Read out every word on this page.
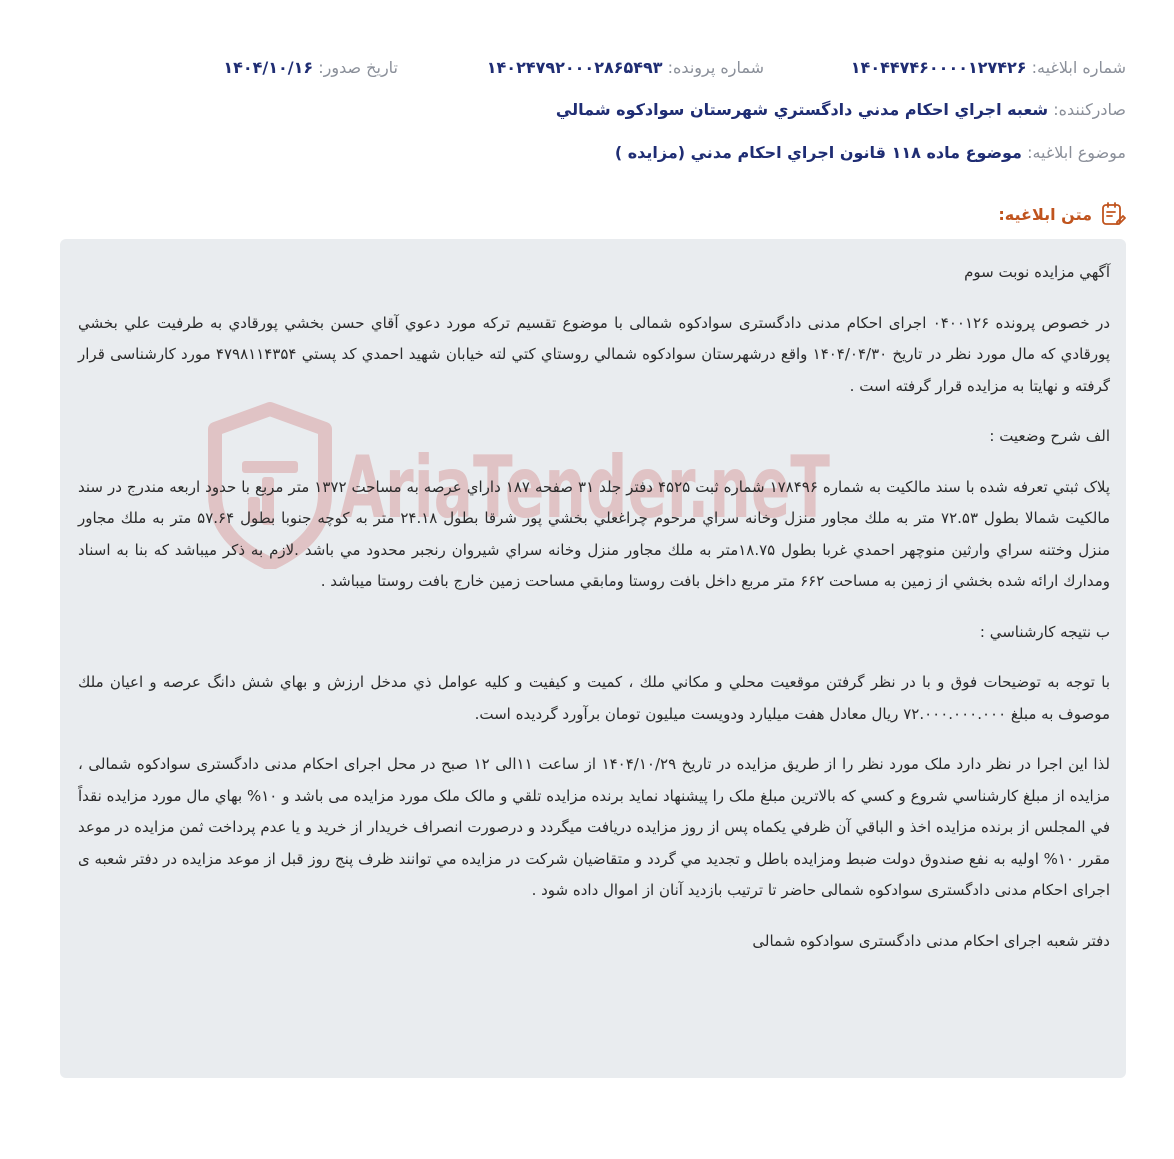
شماره ابلاغيه: ۱۴۰۴۴۷۴۶۰۰۰۰۱۲۷۴۲۶
شماره پرونده: ۱۴۰۲۴۷۹۲۰۰۰۲۸۶۵۴۹۳
تاريخ صدور: ۱۴۰۴/۱۰/۱۶
صادرکننده: شعبه اجراي احکام مدني دادگستري شهرستان سوادکوه شمالي
موضوع ابلاغيه: موضوع ماده ۱۱۸ قانون اجراي احکام مدني (مزايده )
متن ابلاغيه:
AriaTender.neT

آگهي مزايده نوبت سوم

در خصوص پرونده ۰۴۰۰۱۲۶ اجرای احکام مدنی دادگستری سوادکوه شمالی با موضوع تقسيم ترکه مورد دعوي آقاي حسن بخشي پورقادي به طرفيت علي بخشي پورقادي که مال مورد نظر در تاريخ ۱۴۰۴/۰۴/۳۰ واقع درشهرستان سوادکوه شمالي روستاي کتي لته خيابان شهيد احمدي کد پستي ۴۷۹۸۱۱۴۳۵۴ مورد کارشناسی قرار گرفته و نهايتا به مزايده قرار گرفته است .

الف شرح وضعيت :

پلاک ثبتي تعرفه شده با سند مالکيت به شماره ۱۷۸۴۹۶ شماره ثبت ۴۵۲۵ دفتر جلد ۳۱ صفحه ۱۸۷ داراي عرصه به مساحت ۱۳۷۲ متر مربع با حدود اربعه مندرج در سند مالکيت شمالا بطول ۷۲.۵۳ متر به ملك مجاور منزل وخانه سراي مرحوم چراغعلي بخشي پور شرقا بطول ۲۴.۱۸ متر به کوچه جنوبا بطول ۵۷.۶۴ متر به ملك مجاور منزل وختنه سراي وارثين منوچهر احمدي غربا بطول ۱۸.۷۵متر به ملك مجاور منزل وخانه سراي شيروان رنجبر محدود مي باشد .لازم به ذکر ميباشد که بنا به اسناد ومدارك ارائه شده بخشي از زمين به مساحت ۶۶۲ متر مربع داخل بافت روستا ومابقي مساحت زمين خارج بافت روستا ميباشد .

ب نتيجه کارشناسي :

با توجه به توضيحات فوق و با در نظر گرفتن موقعيت محلي و مکاني ملك ، کميت و کيفيت و کليه عوامل ذي مدخل ارزش و بهاي شش دانگ عرصه و اعيان ملك موصوف به مبلغ ۷۲.۰۰۰.۰۰۰.۰۰۰ ريال معادل هفت ميليارد ودويست ميليون تومان برآورد گرديده است.

لذا اين اجرا در نظر دارد ملک مورد نظر را از طريق مزايده در تاريخ ۱۴۰۴/۱۰/۲۹ از ساعت ۱۱الی ۱۲ صبح در محل اجرای احکام مدنی دادگستری سوادکوه شمالی ، مزايده از مبلغ کارشناسي شروع و کسي که بالاترين مبلغ ملک را پيشنهاد نمايد برنده مزايده تلقي و مالک ملک مورد مزايده می باشد و ۱۰% بهاي مال مورد مزايده نقداً في المجلس از برنده مزايده اخذ و الباقي آن ظرفي يکماه پس از روز مزايده دريافت ميگردد و درصورت انصراف خريدار از خريد و يا عدم پرداخت ثمن مزايده در موعد مقرر ۱۰% اوليه به نفع صندوق دولت ضبط ومزايده باطل و تجديد مي گردد و متقاضيان شرکت در مزايده مي توانند ظرف پنج روز قبل از موعد مزايده در دفتر شعبه ی اجرای احکام مدنی دادگستری سوادکوه شمالی حاضر تا ترتيب بازديد آنان از اموال داده شود .

دفتر شعبه اجرای احکام مدنی دادگستری سوادکوه شمالی
